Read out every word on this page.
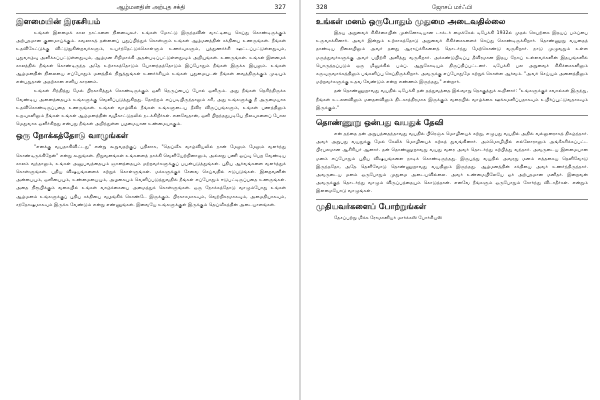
ஆழ்மனதின் அற்புத சக்தி	327
இளமையின் இரகசியம்

உங்கள் இளமைக் கால நாட்களை நினைவுகூர். உங்கள் மோட்டு இருந்தவின் வாட்டியை செய்து கொண்டிருக்கும் அற்புதமான குணமாய்க்கும். கவலாகத் தன்னைப் புதுப்பித்துக் கொள்ளும் உங்கள் ஆழ்மனத்தின் சக்தியை உணருங்கள். நீங்கள் உதவிகேட்டுக்கு விட்டுநுகின்றவர்களும், உயர்ந்தேட்டுக்கொள்ளும் உணர்வுகளும், புத்துணர்ச்சி ஊட்டப்பட்டுள்ளதுவும், புதுவாழ்வு அளிக்கப்பட்டுள்ளதுவும், ஆழ்மன சிறிமாக்கி அதன்படிப்பட்டுள்ளதுவும் அறியுங்கள். உணருங்கள். உங்கள் இளமைக் காலத்தில் நீங்கள் கொண்டிருந்த அதே உற்சாகத்தோடும் யோனந்தத்தோடும் இப்போதும் நீங்கள் இருக்க இயலும். உங்கள் ஆழ்மனதின் நிலையை எப்போதும் மனத்தில் நிறுத்துங்கள் உணர்ச்சியும் உங்கள் புதுமையுடன் நீங்கள் வைத்திருக்கும் முடியும் என்பதுதான் அதற்கான எளிய காரணம்.

உங்கள் சிந்தித்து மேல் பிரகாசித்துக் கொண்டிருக்கும் ஒளி நெருப்பைப் போல் ஒளிரும். அது நீங்கள் தெரிந்திருக்க வேண்டிய அனைத்தையும் உங்களுக்கு வெளிப்படுத்துகிறது. தோற்றம் எப்படியிருந்தாலும் சரி, அது உங்களுக்கு நீ அருமையாக உதவிகொண்டிருப்பதை உணருங்கள். உங்கள் வாழ்வில் நீங்கள் உங்களுடைய தீவிர விருப்பங்களும், உங்கள் பணத்திலும் உறவுகளிலும் நீங்கள் உங்கள் ஆழ்மனத்தின் வழிகாட்டுதலில் நடக்கிறீர்கள். எனவேதான், ஒளி பிறந்ததுபடியே நிலவுகளைப் போல மெதுவாக ஒளிர்கிறது என்பது நீங்கள் அறிந்துள்ள பழமையான உண்மையாகும்.

ஒரு நோக்கத்தோடு வாழுங்கள்

"எனக்கு வயதாகிவிட்டது" என்று கூறுவதற்குப் பதிலாக, "தெய்வீக வாழ்வியலில் நான் மேலும் மேலும் வளர்ந்து கொண்டிருக்கிறேன்" என்று கூறுங்கள். நிறுவனங்கள் உங்களைத் தாக்கி வெளியேற்றினாலும், அல்லது பணி ஓய்வு பெற வேண்டிய காலம் வந்தாலும், உங்கள் அனுபவத்தையும் ஞானத்தையும் மற்றவர்களுக்குப் பயன்படுத்துங்கள். புதிய ஆர்வங்களை வளர்த்துக் கொள்ளுங்கள். புதிய விஷயங்களைக் கற்றுக் கொள்ளுங்கள். மக்களுக்குச் சேவை செய்வதில் ஈடுபடுங்கள். இறைவனின் அன்பையும், ஒளியையும், உண்மையையும், அழகையும் வெளிப்படுத்துவதில் நீங்கள் எப்போதும் ஈடுபட்டிருப்பதை உணருங்கள். அதை நிரூபிக்கும் வகையில் உங்கள் வாழ்க்கையை அமைத்துக் கொள்ளுங்கள். ஒரு நோக்கத்தோடு வாழும்போது உங்கள் ஆழ்மனம் உங்களுக்குப் புதிய சக்தியை வழங்கிக் கொண்டே இருக்கும். பிரகாசமாகவும், வெற்றிகரமாகவும், அமைதியாகவும், சந்தோஷமாகவும் இருக்க வேண்டும் என்று எண்ணுங்கள். இவையே உங்களுக்குள் இருக்கும் தெய்வீகத்தின் அடையாளங்கள்.

328	ஜோசப் மர்ஃபி
உங்கள் மனம் ஒருபோதும் முதுமை அடைவதில்லை

இதய அறுவைச் சிகிச்சையின் முன்னோடியான டாக்டர் மைக்கேல் டிபேக்கி 1932ல் முதல் செயற்கை இதயப் பம்ப்பை உருவாக்கினார். அவர் இன்றும் உற்சாகத்தோடு அறுவைச் சிகிச்சைகளைச் செய்து கொண்டிருக்கிறார். தொண்ணூறு வயதைத் தாண்டிய நிலையிலும் அவர் தனது ஆராய்ச்சிகளைத் தொடர்ந்து மேற்கொண்டு வருகிறார். நாடு முழுவதும் உள்ள மருத்துவர்களுக்கு அவர் பயிற்சி அளித்து வருகிறார். அக்கண்டுபிடிப்பு தீவிரமான இதய நோய் உள்ளவர்களின் இதயங்களில் பொருத்தப்படும் ஒரு மினுக்கில் பம்ப். ஆறுகோடியும் திருப்திப்பட்டனர். டிபேக்கி பல அறுவைச் சிகிச்சைகளிலும் கருவுருவாக்கத்திலும் பங்களிப்பு செய்திருக்கிறார். அவருக்கு எப்போதுமே கற்றுக் கொள்ள ஆர்வம். "அவர் செய்யும் அனைத்திலும் மற்றவர்களுக்கு உதவ வேண்டும் என்ற எண்ணம் இருந்தது," என்றார்.

தன் தொண்ணூறாவது வயதில் டிபேக்கி தன் தத்துவத்தை இவ்வாறு தொகுத்துக் கூறினார்: "உங்களுக்குச் சவால்கள் இருந்து, நீங்கள் உடலளவிலும் மனதளவிலும் திடகாத்திரமாக இருக்கும் வரையில் வாழ்க்கை ஊக்கமளிப்பதாகவும் உயிர்ப்பூட்டுவதாகவும் இருக்கும்."

தொண்ணூறு ஒன்பது வயதுக் தேவி

என் தந்தை தன் அறுபத்தைந்தாவது வயதில் பிரெஞ்சு மொழியைக் கற்று, எழுபது வயதில் அதில் வல்லுனராகத் திகழ்ந்தார். அவர் அறுபது வயதுக்கு மேல் கேலிக் மொழியைக் கற்கத் துவங்கினார். அம்மொழியில் எல்லோராலும் அங்கீகரிக்கப்பட்ட பிரபலமான ஆசிரியர் ஆனார். தன் தொண்ணூறாவது வயது வரை அவர் தொடர்ந்து கற்பித்து வந்தார். அவருடைய இளமையான மனம் எப்போதும் புதிய விஷயங்களை நாடிக் கொண்டிருந்தது. இருபத்து வயதில் அவரது மனம் எத்தகைய தெளிவோடு இருந்ததோ, அதே தெளிவோடு தொண்ணூறாவது வயதிலும் இருந்தது. ஆழ்மனத்தின் சக்தியை அவர் உணர்ந்திருந்தார். அவருடைய மனம் ஒருபோதும் முதுமை அடையவில்லை. அவர் உண்மையிலேயே ஓர் அற்புதமான மனிதர். இறைவன் அவருக்குத் தொடர்ந்து வாழும் விருப்பத்தையும் கொடுத்தான். எனவே நீங்களும் ஒருபோதும் சோர்ந்து விடாதீர்கள். என்றும் இளமையோடு வாழுங்கள்.

முதியவர்களைப் போற்றுங்கள்

தேசப்பற்று மிக்க ரோமானியர் மார்க்கஸ் போர்சியஸ்
